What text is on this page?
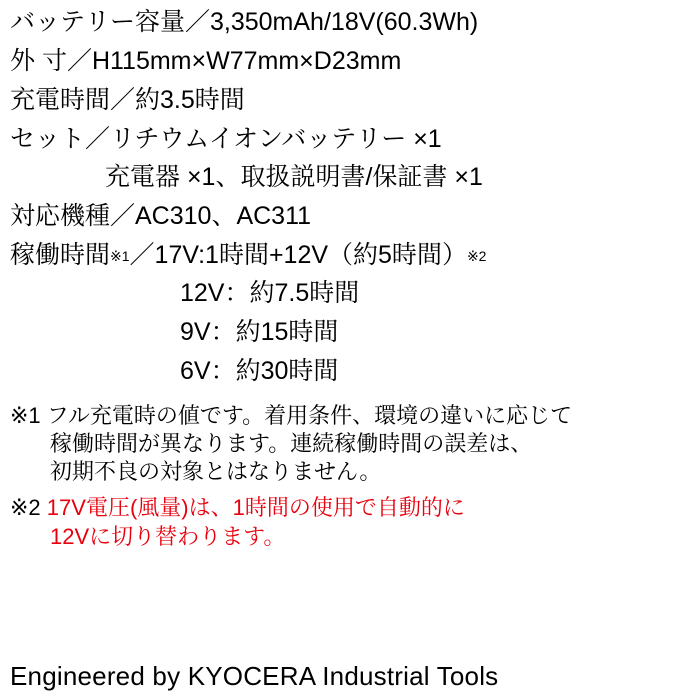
バッテリー容量／3,350mAh/18V(60.3Wh)

外 寸／H115mm×W77mm×D23mm

充電時間／約3.5時間

セット／リチウムイオンバッテリー ×1

充電器 ×1、取扱説明書/保証書 ×1

対応機種／AC310、AC311

稼働時間※1／17V:1時間+12V（約5時間）※2

12V：約7.5時間

9V：約15時間

6V：約30時間

※1 フル充電時の値です。着用条件、環境の違いに応じて

稼働時間が異なります。連続稼働時間の誤差は、

初期不良の対象とはなりません。

※2 17V電圧(風量)は、1時間の使用で自動的に

12Vに切り替わります。

Engineered by KYOCERA Industrial Tools
